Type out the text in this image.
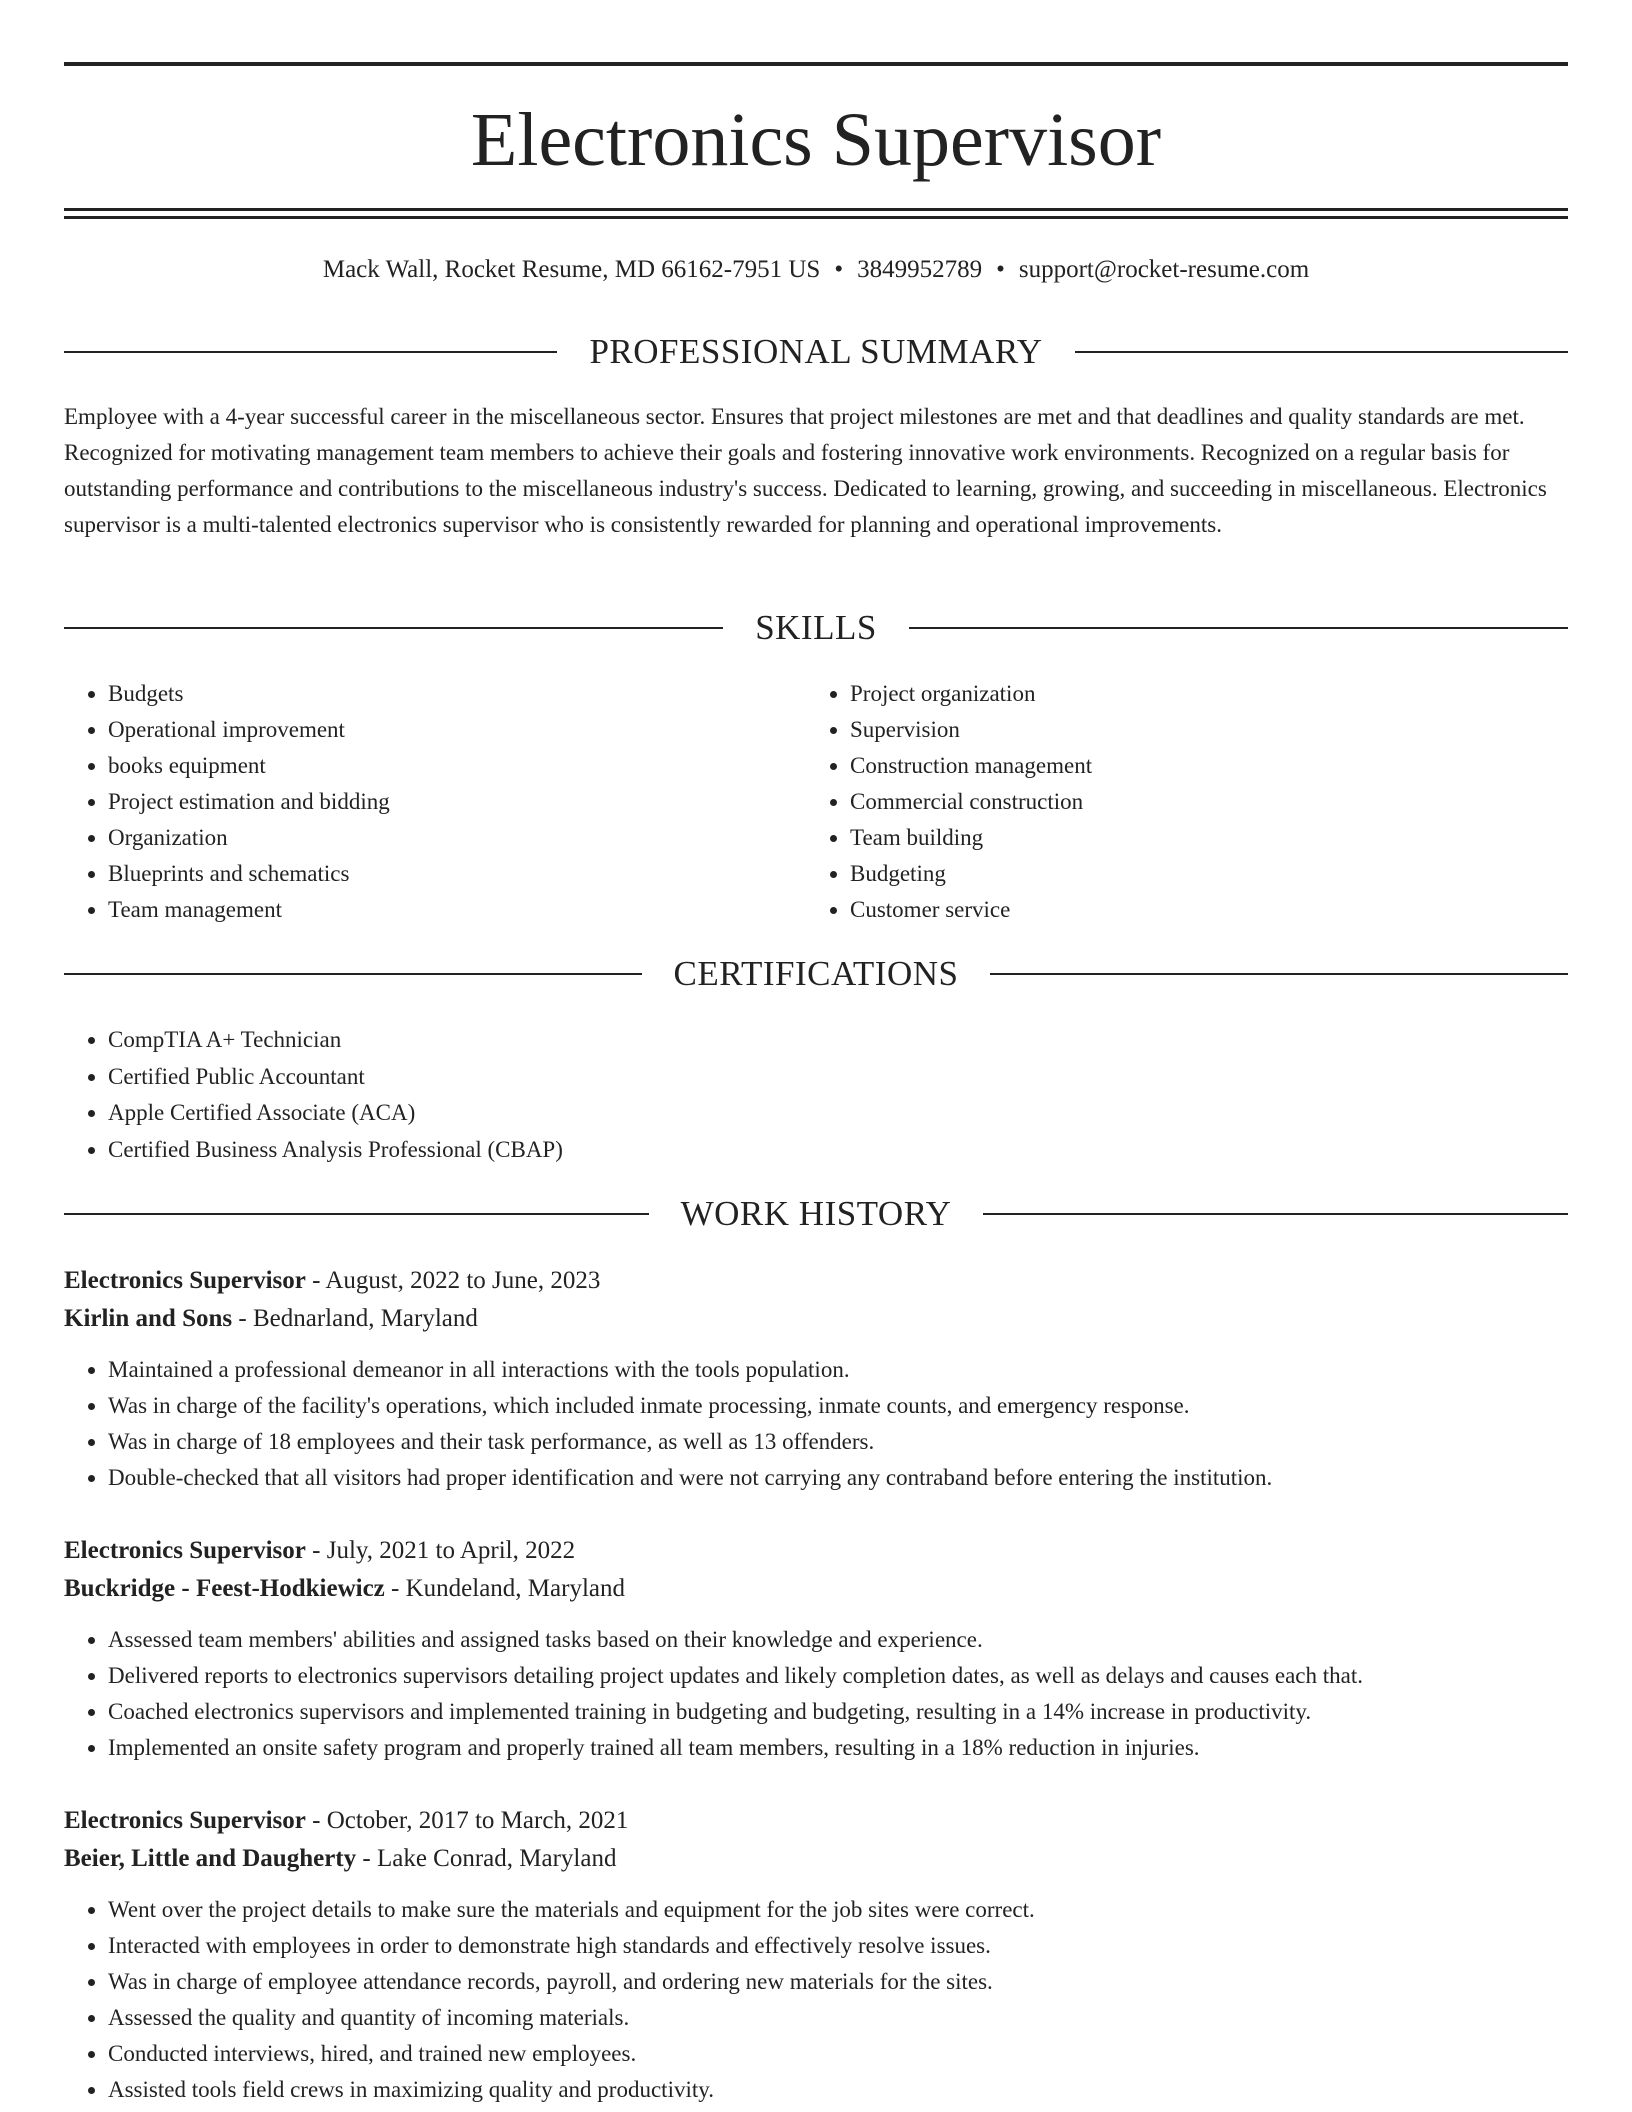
Electronics Supervisor
Mack Wall, Rocket Resume, MD 66162-7951 US • 3849952789 • support@rocket-resume.com
PROFESSIONAL SUMMARY

Employee with a 4-year successful career in the miscellaneous sector. Ensures that project milestones are met and that deadlines and quality standards are met. Recognized for motivating management team members to achieve their goals and fostering innovative work environments. Recognized on a regular basis for outstanding performance and contributions to the miscellaneous industry's success. Dedicated to learning, growing, and succeeding in miscellaneous. Electronics supervisor is a multi-talented electronics supervisor who is consistently rewarded for planning and operational improvements.

SKILLS
• Budgets
• Operational improvement
• books equipment
• Project estimation and bidding
• Organization
• Blueprints and schematics
• Team management
• Project organization
• Supervision
• Construction management
• Commercial construction
• Team building
• Budgeting
• Customer service
CERTIFICATIONS
• CompTIA A+ Technician
• Certified Public Accountant
• Apple Certified Associate (ACA)
• Certified Business Analysis Professional (CBAP)
WORK HISTORY
Electronics Supervisor - August, 2022 to June, 2023
Kirlin and Sons - Bednarland, Maryland
• Maintained a professional demeanor in all interactions with the tools population.
• Was in charge of the facility's operations, which included inmate processing, inmate counts, and emergency response.
• Was in charge of 18 employees and their task performance, as well as 13 offenders.
• Double-checked that all visitors had proper identification and were not carrying any contraband before entering the institution.
Electronics Supervisor - July, 2021 to April, 2022
Buckridge - Feest-Hodkiewicz - Kundeland, Maryland
• Assessed team members' abilities and assigned tasks based on their knowledge and experience.
• Delivered reports to electronics supervisors detailing project updates and likely completion dates, as well as delays and causes each that.
• Coached electronics supervisors and implemented training in budgeting and budgeting, resulting in a 14% increase in productivity.
• Implemented an onsite safety program and properly trained all team members, resulting in a 18% reduction in injuries.
Electronics Supervisor - October, 2017 to March, 2021
Beier, Little and Daugherty - Lake Conrad, Maryland
• Went over the project details to make sure the materials and equipment for the job sites were correct.
• Interacted with employees in order to demonstrate high standards and effectively resolve issues.
• Was in charge of employee attendance records, payroll, and ordering new materials for the sites.
• Assessed the quality and quantity of incoming materials.
• Conducted interviews, hired, and trained new employees.
• Assisted tools field crews in maximizing quality and productivity.
